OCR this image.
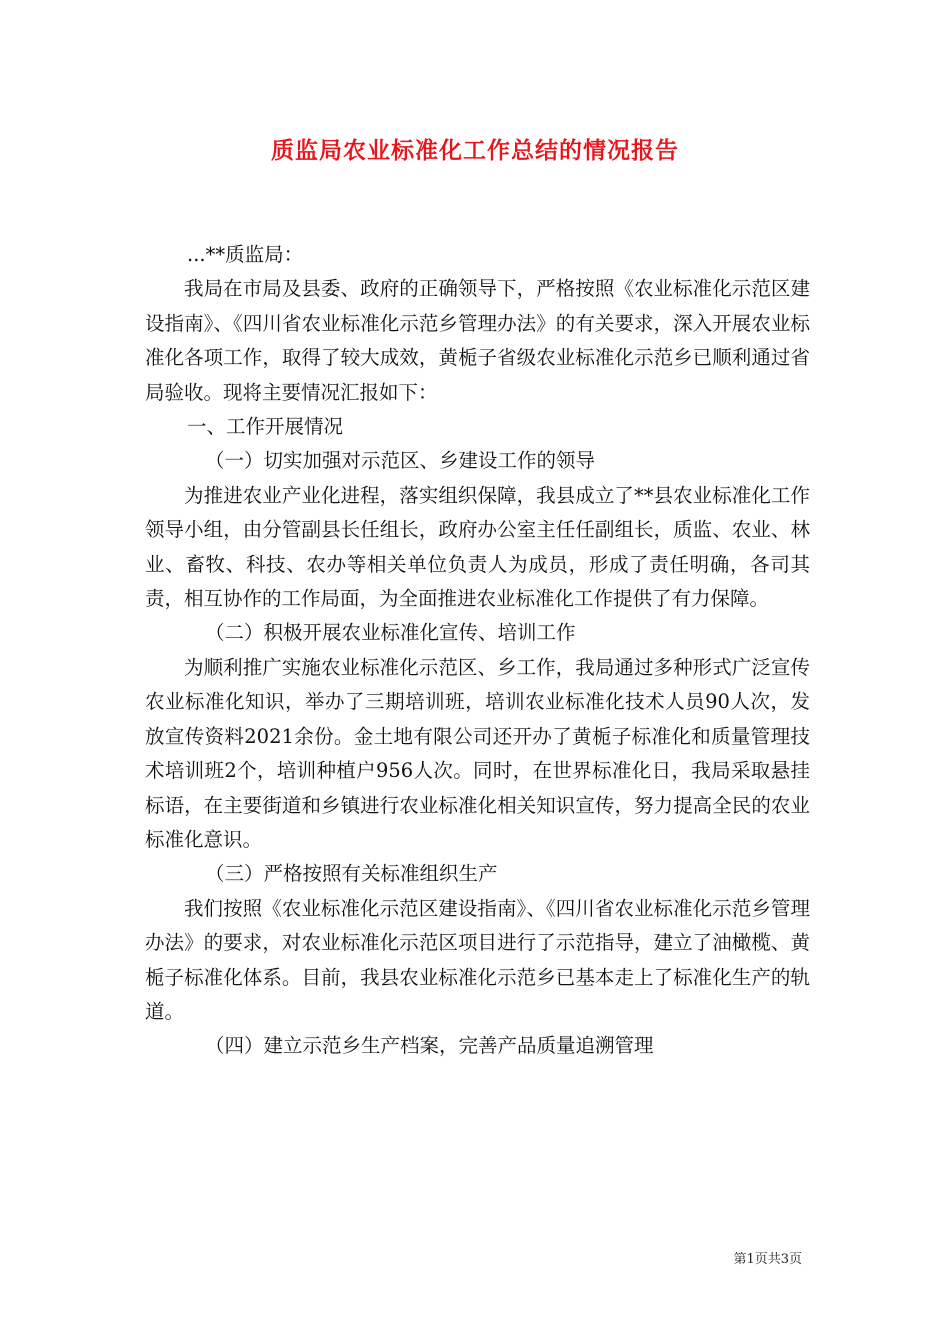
质监局农业标准化工作总结的情况报告

...**质监局：

我局在市局及县委、政府的正确领导下，严格按照《农业标准化示范区建设指南》、《四川省农业标准化示范乡管理办法》的有关要求，深入开展农业标准化各项工作，取得了较大成效，黄栀子省级农业标准化示范乡已顺利通过省局验收。现将主要情况汇报如下：

一、工作开展情况

（一）切实加强对示范区、乡建设工作的领导

为推进农业产业化进程，落实组织保障，我县成立了**县农业标准化工作领导小组，由分管副县长任组长，政府办公室主任任副组长，质监、农业、林业、畜牧、科技、农办等相关单位负责人为成员，形成了责任明确，各司其责，相互协作的工作局面，为全面推进农业标准化工作提供了有力保障。

（二）积极开展农业标准化宣传、培训工作

为顺利推广实施农业标准化示范区、乡工作，我局通过多种形式广泛宣传农业标准化知识，举办了三期培训班，培训农业标准化技术人员90人次，发放宣传资料2021余份。金土地有限公司还开办了黄栀子标准化和质量管理技术培训班2个，培训种植户956人次。同时，在世界标准化日，我局采取悬挂标语，在主要街道和乡镇进行农业标准化相关知识宣传，努力提高全民的农业标准化意识。

（三）严格按照有关标准组织生产

我们按照《农业标准化示范区建设指南》、《四川省农业标准化示范乡管理办法》的要求，对农业标准化示范区项目进行了示范指导，建立了油橄榄、黄栀子标准化体系。目前，我县农业标准化示范乡已基本走上了标准化生产的轨道。

（四）建立示范乡生产档案，完善产品质量追溯管理

第1页共3页
